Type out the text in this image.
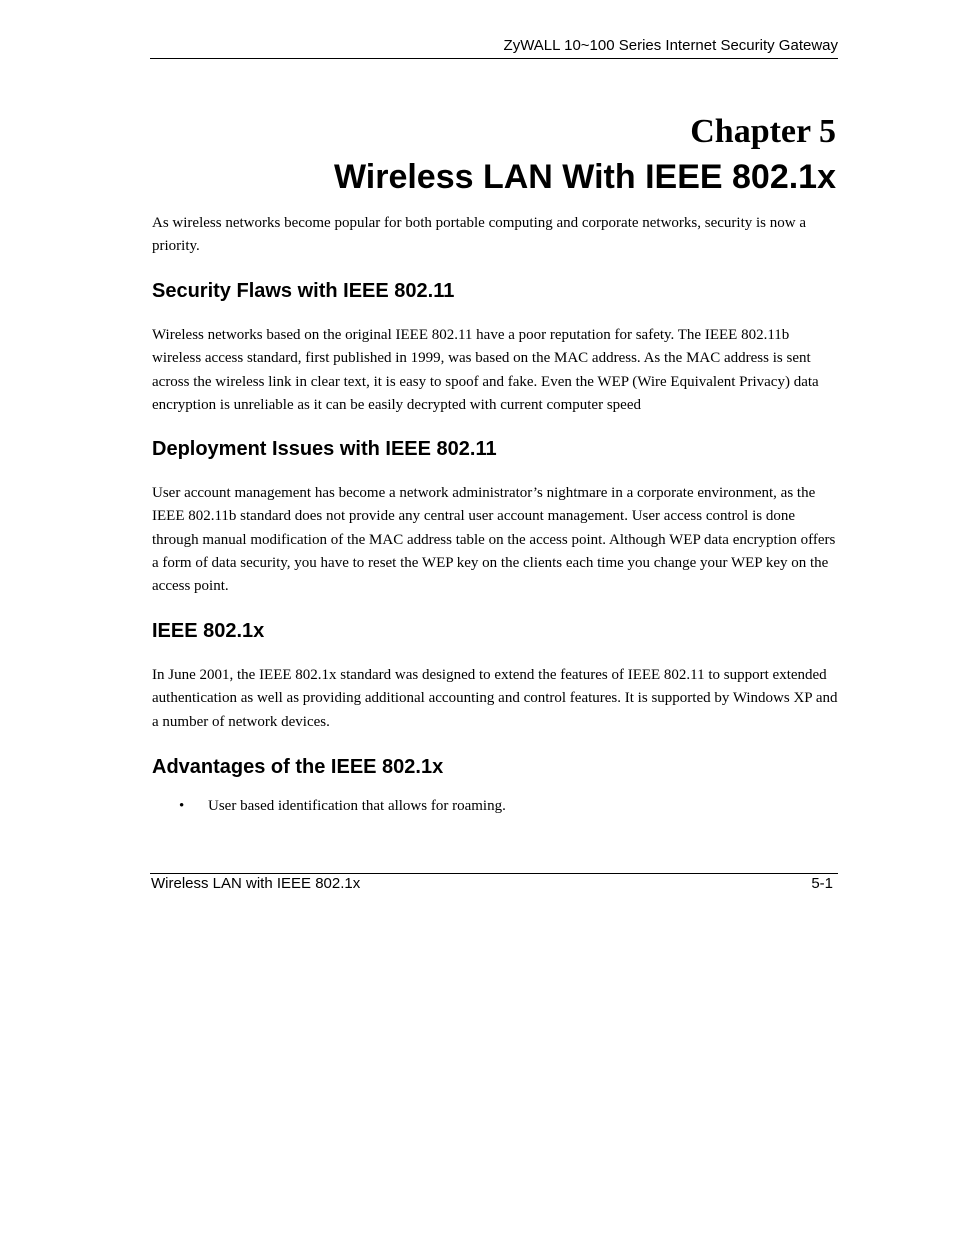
ZyWALL 10~100 Series Internet Security Gateway
Chapter 5
Wireless LAN With IEEE 802.1x

As wireless networks become popular for both portable computing and corporate networks, security is now a priority.

Security Flaws with IEEE 802.11

Wireless networks based on the original IEEE 802.11 have a poor reputation for safety. The IEEE 802.11b wireless access standard, first published in 1999, was based on the MAC address. As the MAC address is sent across the wireless link in clear text, it is easy to spoof and fake. Even the WEP (Wire Equivalent Privacy) data encryption is unreliable as it can be easily decrypted with current computer speed

Deployment Issues with IEEE 802.11

User account management has become a network administrator’s nightmare in a corporate environment, as the IEEE 802.11b standard does not provide any central user account management. User access control is done through manual modification of the MAC address table on the access point. Although WEP data encryption offers a form of data security, you have to reset the WEP key on the clients each time you change your WEP key on the access point.

IEEE 802.1x

In June 2001, the IEEE 802.1x standard was designed to extend the features of IEEE 802.11 to support extended authentication as well as providing additional accounting and control features. It is supported by Windows XP and a number of network devices.

Advantages of the IEEE 802.1x
• User based identification that allows for roaming.
Wireless LAN with IEEE 802.1x	5-1
